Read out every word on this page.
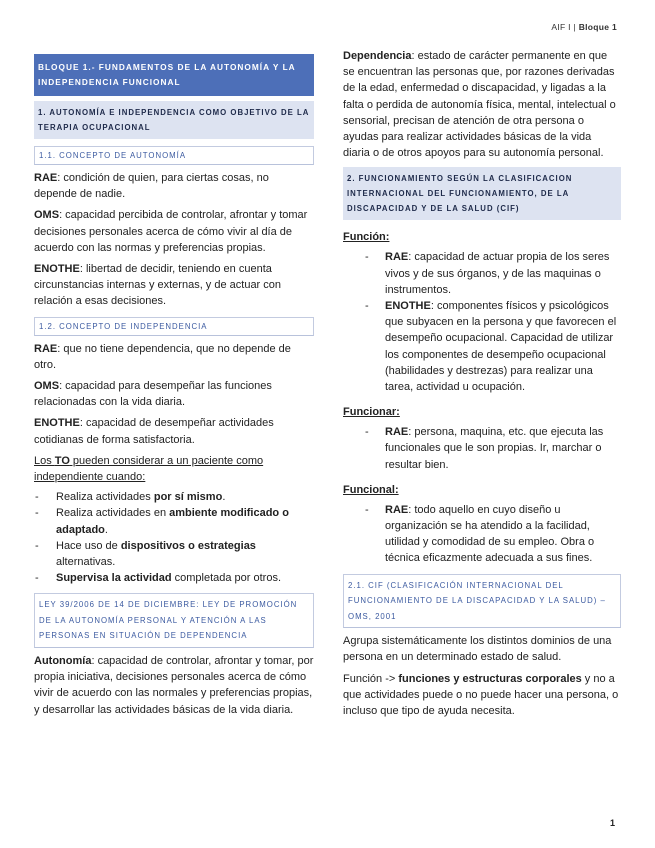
AIF I | Bloque 1
BLOQUE 1.- FUNDAMENTOS DE LA AUTONOMÍA Y LA INDEPENDENCIA FUNCIONAL
1. AUTONOMÍA E INDEPENDENCIA COMO OBJETIVO DE LA TERAPIA OCUPACIONAL
1.1. CONCEPTO DE AUTONOMÍA

RAE: condición de quien, para ciertas cosas, no depende de nadie.

OMS: capacidad percibida de controlar, afrontar y tomar decisiones personales acerca de cómo vivir al día de acuerdo con las normas y preferencias propias.

ENOTHE: libertad de decidir, teniendo en cuenta circunstancias internas y externas, y de actuar con relación a esas decisiones.

1.2. CONCEPTO DE INDEPENDENCIA

RAE: que no tiene dependencia, que no depende de otro.

OMS: capacidad para desempeñar las funciones relacionadas con la vida diaria.

ENOTHE: capacidad de desempeñar actividades cotidianas de forma satisfactoria.

Los TO pueden considerar a un paciente como independiente cuando:

- Realiza actividades por sí mismo.
- Realiza actividades en ambiente modificado o adaptado.
- Hace uso de dispositivos o estrategias alternativas.
- Supervisa la actividad completada por otros.
LEY 39/2006 DE 14 DE DICIEMBRE: LEY DE PROMOCIÓN DE LA AUTONOMÍA PERSONAL Y ATENCIÓN A LAS PERSONAS EN SITUACIÓN DE DEPENDENCIA

Autonomía: capacidad de controlar, afrontar y tomar, por propia iniciativa, decisiones personales acerca de cómo vivir de acuerdo con las normales y preferencias propias, y desarrollar las actividades básicas de la vida diaria.

Dependencia: estado de carácter permanente en que se encuentran las personas que, por razones derivadas de la edad, enfermedad o discapacidad, y ligadas a la falta o perdida de autonomía física, mental, intelectual o sensorial, precisan de atención de otra persona o ayudas para realizar actividades básicas de la vida diaria o de otros apoyos para su autonomía personal.

2. FUNCIONAMIENTO SEGÚN LA CLASIFICACION INTERNACIONAL DEL FUNCIONAMIENTO, DE LA DISCAPACIDAD Y DE LA SALUD (CIF)
Función:
- RAE: capacidad de actuar propia de los seres vivos y de sus órganos, y de las maquinas o instrumentos.
- ENOTHE: componentes físicos y psicológicos que subyacen en la persona y que favorecen el desempeño ocupacional. Capacidad de utilizar los componentes de desempeño ocupacional (habilidades y destrezas) para realizar una tarea, actividad u ocupación.
Funcionar:
- RAE: persona, maquina, etc. que ejecuta las funcionales que le son propias. Ir, marchar o resultar bien.
Funcional:
- RAE: todo aquello en cuyo diseño u organización se ha atendido a la facilidad, utilidad y comodidad de su empleo. Obra o técnica eficazmente adecuada a sus fines.
2.1. CIF (CLASIFICACIÓN INTERNACIONAL DEL FUNCIONAMIENTO DE LA DISCAPACIDAD Y LA SALUD) – OMS, 2001

Agrupa sistemáticamente los distintos dominios de una persona en un determinado estado de salud.

Función -> funciones y estructuras corporales y no a que actividades puede o no puede hacer una persona, o incluso que tipo de ayuda necesita.

1
